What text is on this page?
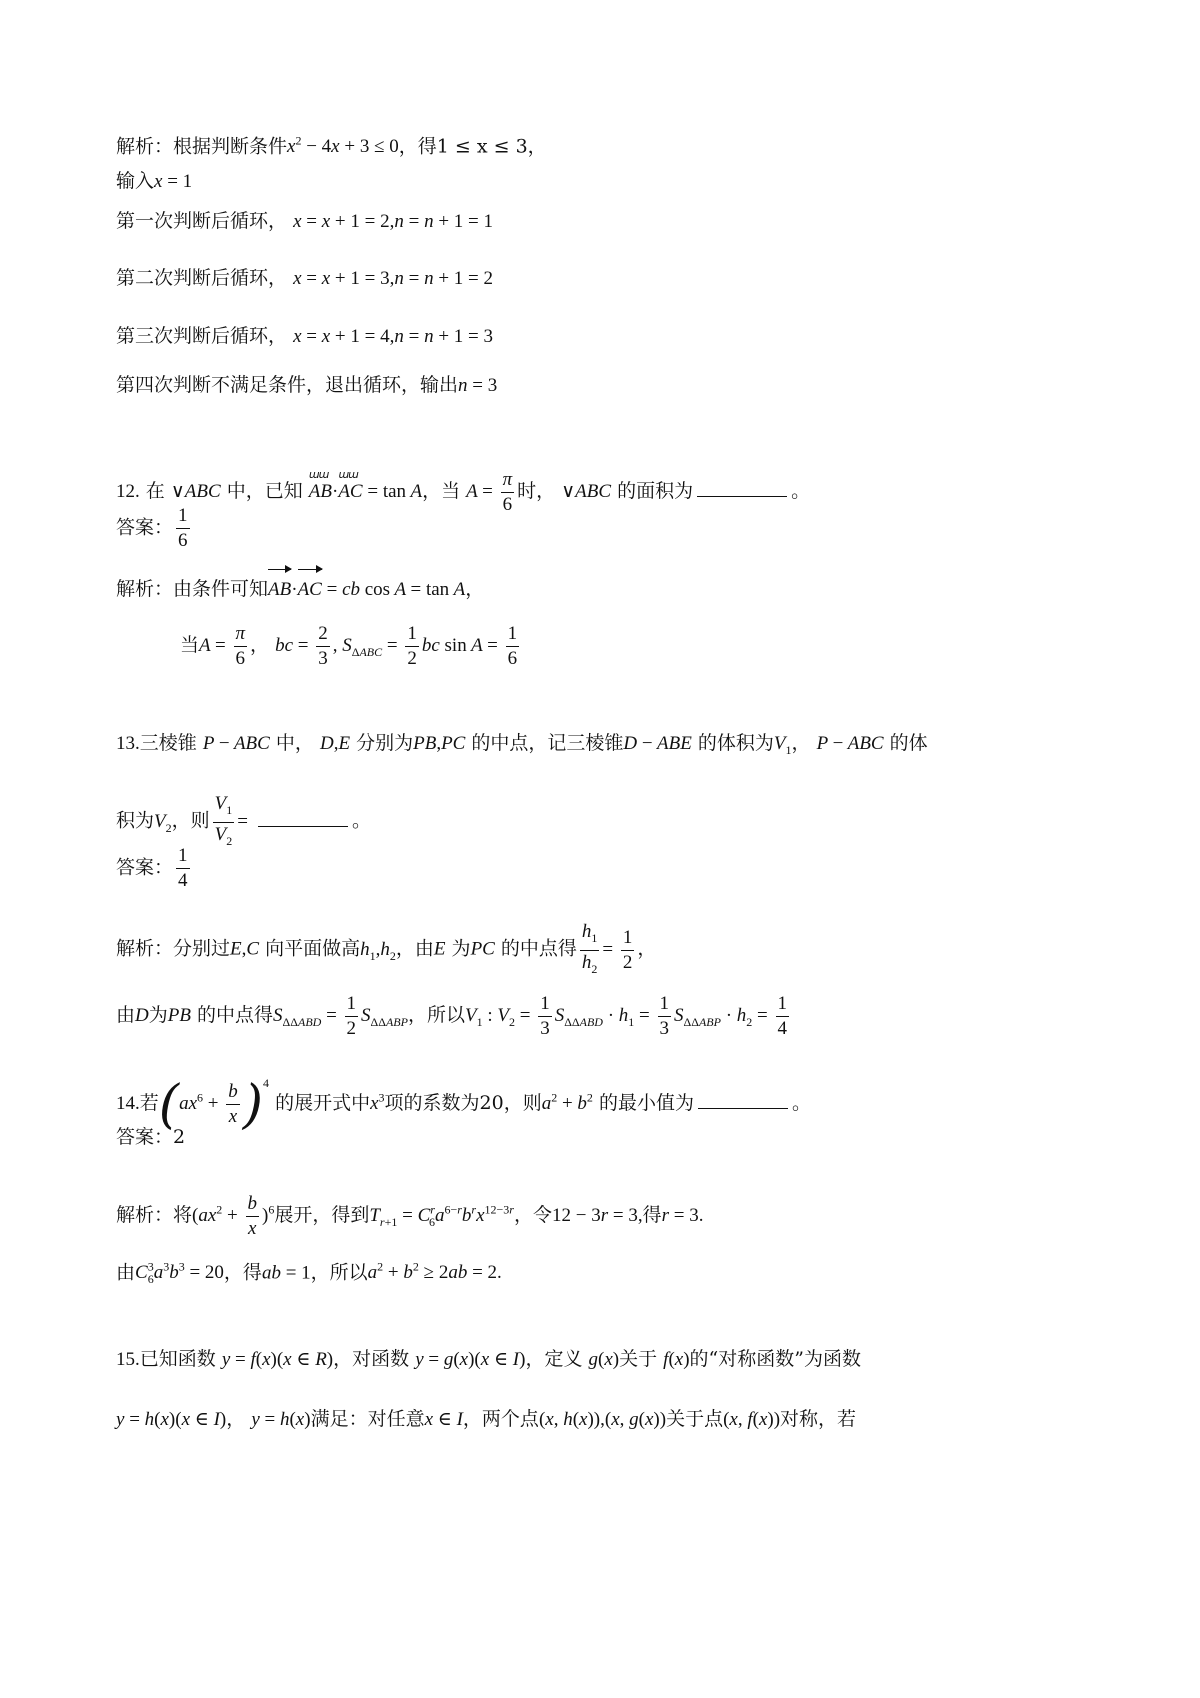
解析：根据判断条件$x^2 - 4x + 3 \le 0$，得1 ≤ x ≤ 3，
输入x = 1
第一次判断后循环， x = x + 1 = 2,n = n + 1 = 1
第二次判断后循环， x = x + 1 = 3,n = n + 1 = 2
第三次判断后循环， x = x + 1 = 4,n = n + 1 = 3
第四次判断不满足条件，退出循环，输出n = 3
12. 在 ∨ABC 中，已知
ɯɯ
AB·
ɯɯ
AC = tan A，当 $A = \frac{\pi}{6}$ 时， ∨ABC 的面积为	。
答案： $\frac{1}{6}$
解析：由条件可知
AB·
AC = cb cos A = tan A，
当$A = \frac{\pi}{6}$ ， bc = $\frac{2}{3}$ , $S_{\Delta ABC} = \frac{1}{2}$ bc $\sin A = \frac{1}{6}$
13.三棱锥 P − ABC 中， D,E 分别为PB,PC 的中点，记三棱锥D − ABE 的体积为$V_1$， P − ABC 的体
积为$V_2$，则 $\frac{V_1}{V_2}$ =	。
答案： $\frac{1}{4}$
解析：分别过E,C 向平面做高$h_1,h_2$，由E 为PC 的中点得 $\frac{h_1}{h_2} = \frac{1}{2}$ ，
由D为PB 的中点得$S_{\Delta\Delta ABD} = \frac{1}{2} S_{\Delta\Delta ABP}$，所以$V_1$ : $V_2 = \frac{1}{3} S_{\Delta\Delta ABD} \cdot h_1 = \frac{1}{3} S_{\Delta\Delta ABP} \cdot h_2 = \frac{1}{4}$
14.若$(ax^6 + \frac{b}{x} )^4$ 的展开式中$x^3$项的系数为20，则$a^2 + b^2$ 的最小值为	。
答案：2
解析：将$(ax^2 + \frac{b}{x} )^6$展开，得到$T_{r+1} = C^r_6a^{6-r}b^rx^{12-3r}$，令12 − 3r = 3,得r = 3.
由$C^3_6a^3b^3 = 20$，得ab = 1，所以$a^2 + b^2 \ge 2ab = 2$.
15.已知函数 y = f(x)(x ∈ R)，对函数 y = g(x)(x ∈ I)，定义 g(x)关于 f(x)的“对称函数”为函数
y = h(x)(x ∈ I)， y = h(x)满足：对任意x ∈ I，两个点(x, h(x)),(x, g(x))关于点(x, f(x))对称，若
